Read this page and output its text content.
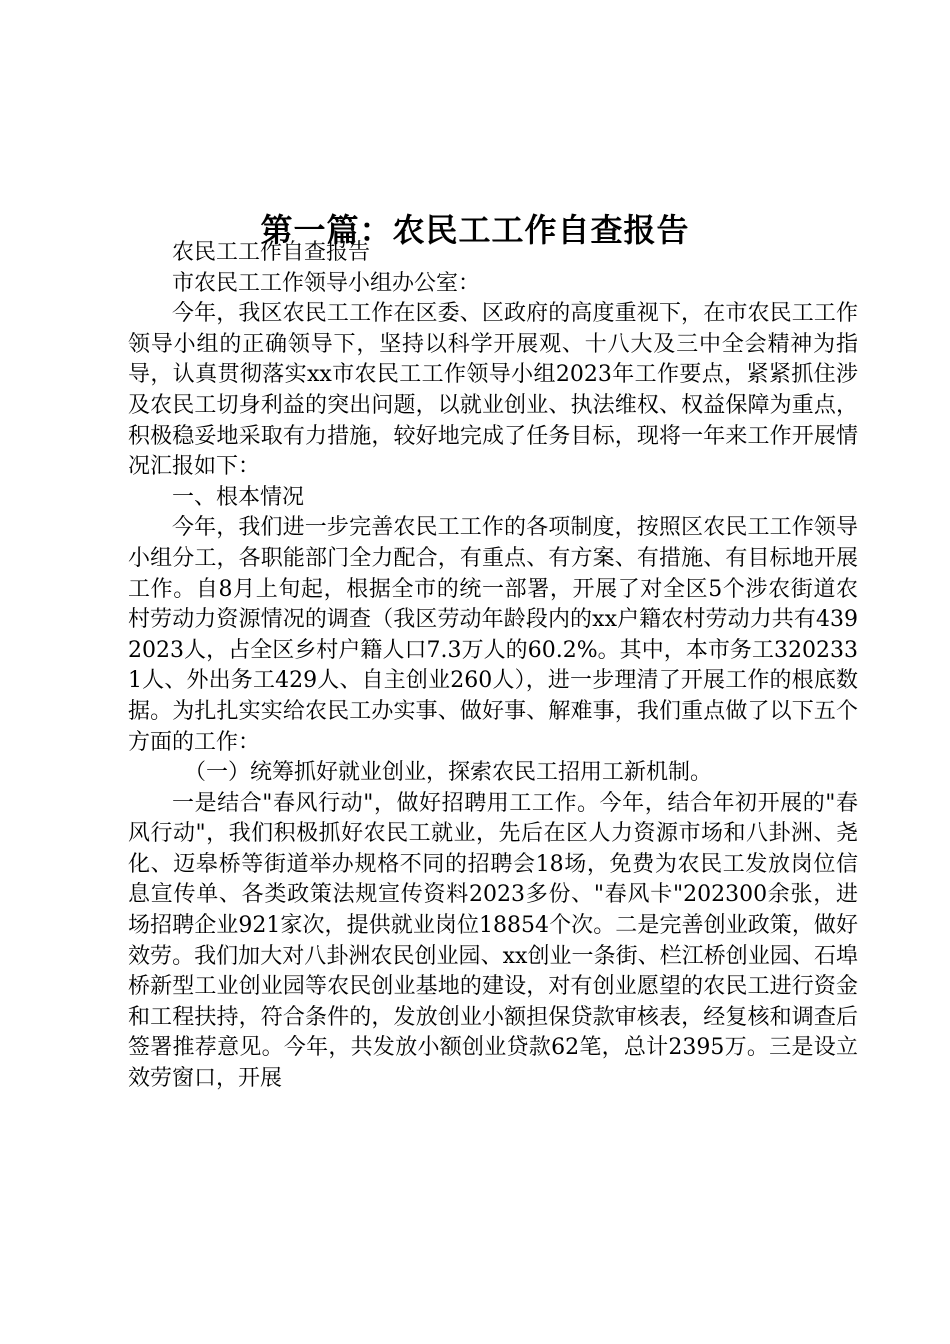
第一篇：农民工工作自查报告

农民工工作自查报告

市农民工工作领导小组办公室：

今年，我区农民工工作在区委、区政府的高度重视下，在市农民工工作领导小组的正确领导下，坚持以科学开展观、十八大及三中全会精神为指导，认真贯彻落实xx市农民工工作领导小组2023年工作要点，紧紧抓住涉及农民工切身利益的突出问题，以就业创业、执法维权、权益保障为重点，积极稳妥地采取有力措施，较好地完成了任务目标，现将一年来工作开展情况汇报如下：

一、根本情况

今年，我们进一步完善农民工工作的各项制度，按照区农民工工作领导小组分工，各职能部门全力配合，有重点、有方案、有措施、有目标地开展工作。自8月上旬起，根据全市的统一部署，开展了对全区5个涉农街道农村劳动力资源情况的调查（我区劳动年龄段内的xx户籍农村劳动力共有4392023人，占全区乡村户籍人口7.3万人的60.2%。其中，本市务工3202331人、外出务工429人、自主创业260人），进一步理清了开展工作的根底数据。为扎扎实实给农民工办实事、做好事、解难事，我们重点做了以下五个方面的工作：

（一）统筹抓好就业创业，探索农民工招用工新机制。

一是结合"春风行动"，做好招聘用工工作。今年，结合年初开展的"春风行动"，我们积极抓好农民工就业，先后在区人力资源市场和八卦洲、尧化、迈皋桥等街道举办规格不同的招聘会18场，免费为农民工发放岗位信息宣传单、各类政策法规宣传资料2023多份、"春风卡"202300余张，进场招聘企业921家次，提供就业岗位18854个次。二是完善创业政策，做好效劳。我们加大对八卦洲农民创业园、xx创业一条街、栏江桥创业园、石埠桥新型工业创业园等农民创业基地的建设，对有创业愿望的农民工进行资金和工程扶持，符合条件的，发放创业小额担保贷款审核表，经复核和调查后签署推荐意见。今年，共发放小额创业贷款62笔，总计2395万。三是设立效劳窗口，开展
